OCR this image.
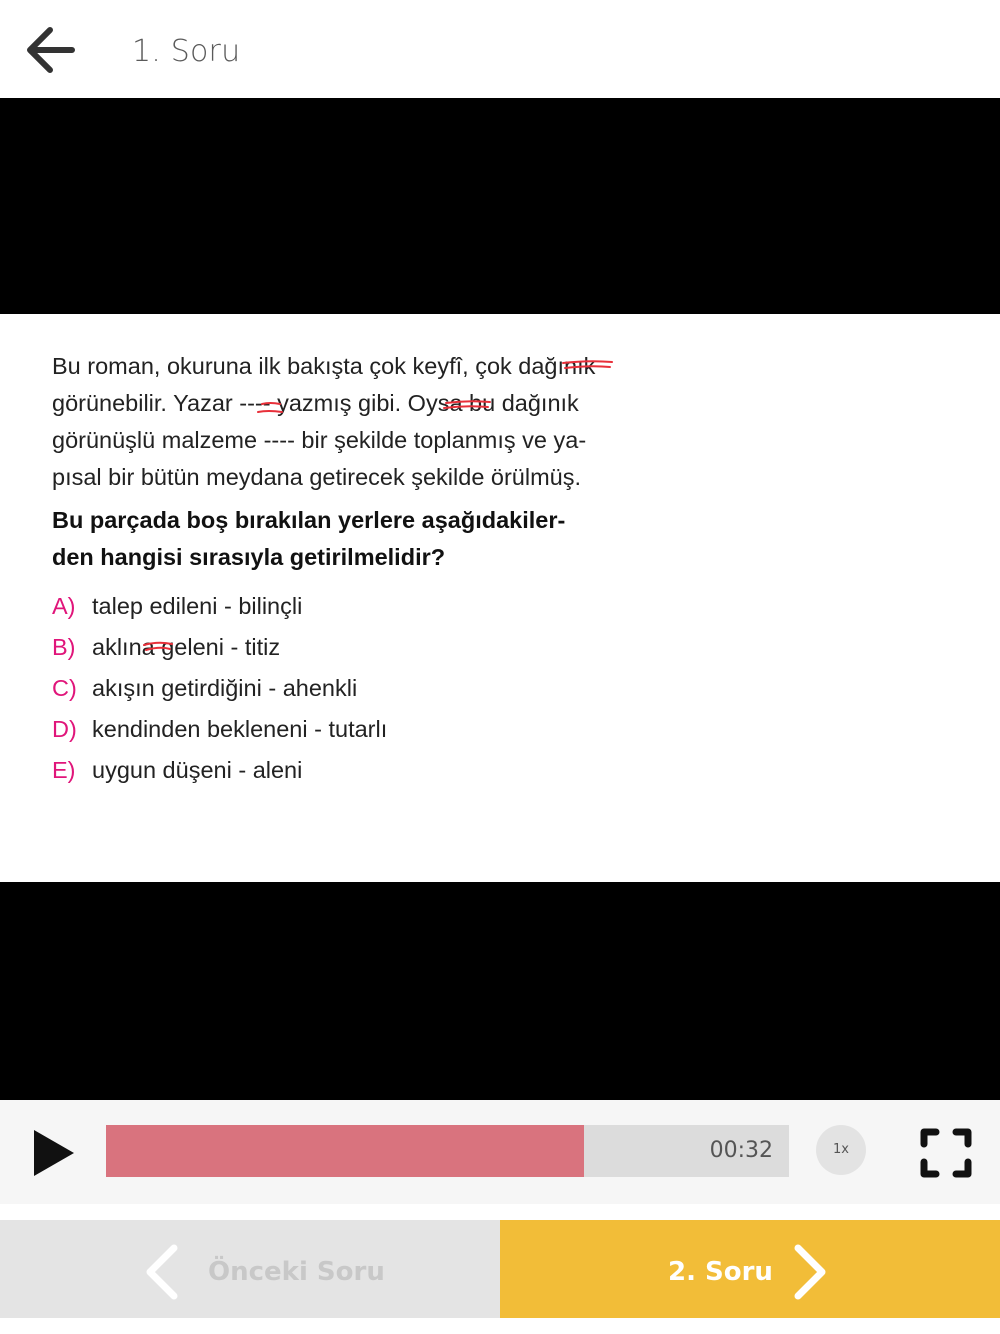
1. Soru
Bu roman, okuruna ilk bakışta çok keyfî, çok dağınık
görünebilir. Yazar ---- yazmış gibi. Oysa bu dağınık
görünüşlü malzeme ---- bir şekilde toplanmış ve ya-
pısal bir bütün meydana getirecek şekilde örülmüş.
Bu parçada boş bırakılan yerlere aşağıdakiler-
den hangisi sırasıyla getirilmelidir?
A) talep edileni - bilinçli
B) aklına geleni - titiz
C) akışın getirdiğini - ahenkli
D) kendinden bekleneni - tutarlı
E) uygun düşeni - aleni
00:32	1x
Önceki Soru	2. Soru
